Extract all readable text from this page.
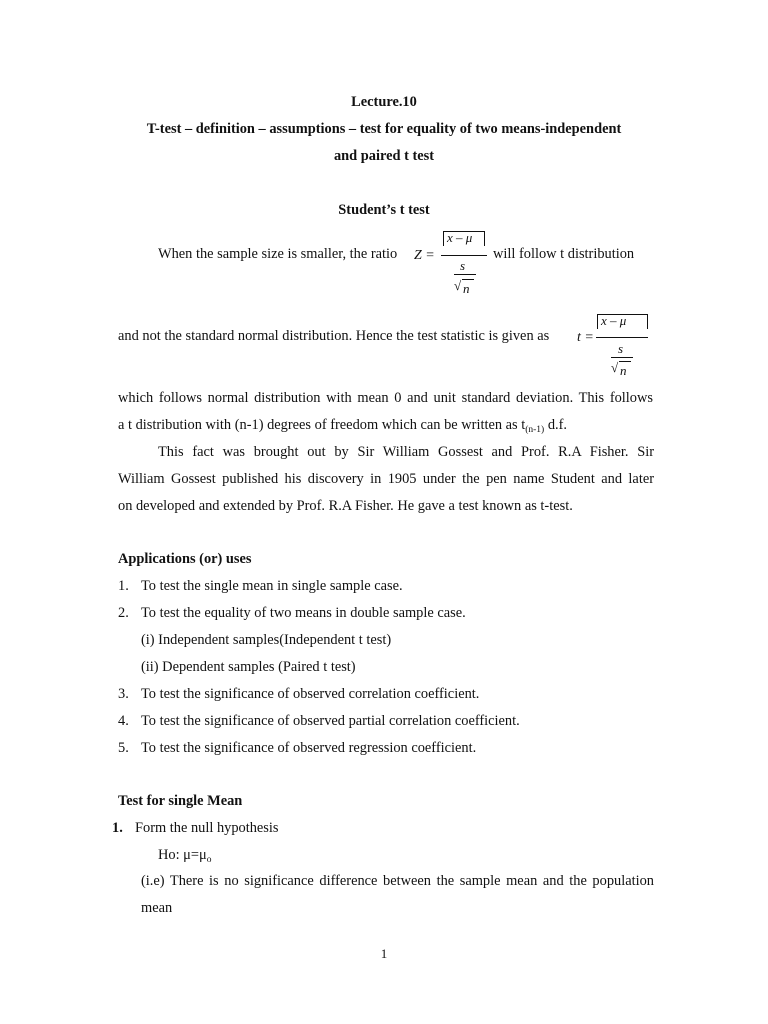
Lecture.10
T-test – definition – assumptions – test for equality of two means-independent
and paired t test
Student’s t test
When the sample size is smaller, the ratio Z =
x – μ
s
√ n
will follow t distribution
and not the standard normal distribution. Hence the test statistic is given as t =
x – μ
s
√ n
which follows normal distribution with mean 0 and unit standard deviation. This follows
a t distribution with (n-1) degrees of freedom which can be written as $t_{(n-1)}$ d.f.
This fact was brought out by Sir William Gossest and Prof. R.A Fisher. Sir
William Gossest published his discovery in 1905 under the pen name Student and later
on developed and extended by Prof. R.A Fisher. He gave a test known as t-test.
Applications (or) uses
1. To test the single mean in single sample case.
2. To test the equality of two means in double sample case.
(i) Independent samples(Independent t test)
(ii) Dependent samples (Paired t test)
3. To test the significance of observed correlation coefficient.
4. To test the significance of observed partial correlation coefficient.
5. To test the significance of observed regression coefficient.
Test for single Mean
1. Form the null hypothesis
Ho: $\mu=\mu_o$
(i.e) There is no significance difference between the sample mean and the population
mean
1
